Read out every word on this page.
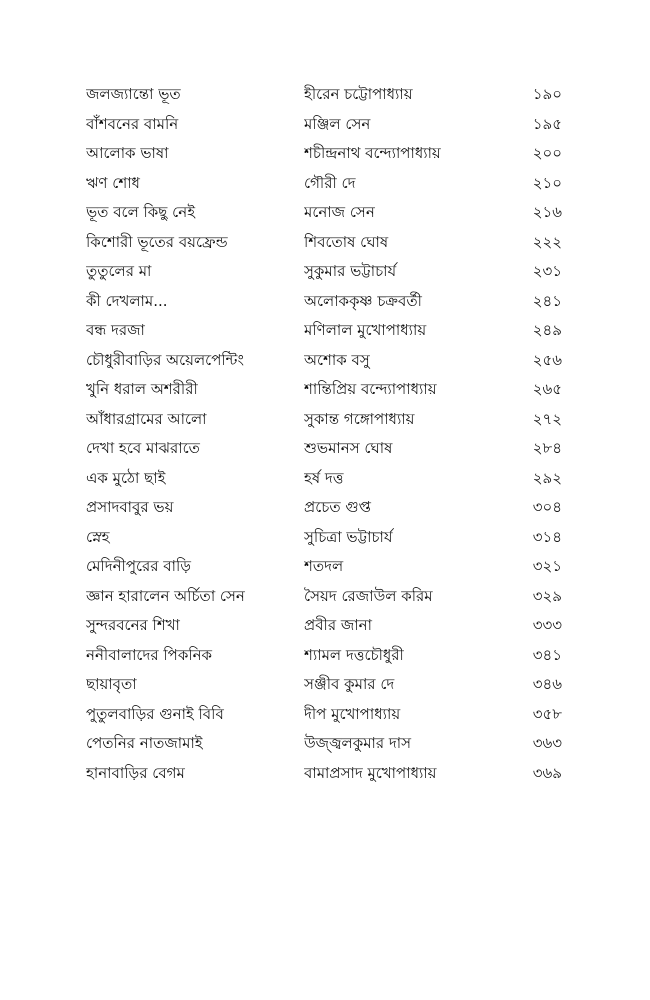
জলজ্যান্তো ভূত	হীরেন চট্টোপাধ্যায়	১৯০
বাঁশবনের বামনি	মঞ্জিল সেন	১৯৫
আলোক ভাষা	শচীন্দ্রনাথ বন্দ্যোপাধ্যায়	২০০
ঋণ শোধ	গৌরী দে	২১০
ভূত বলে কিছু নেই	মনোজ সেন	২১৬
কিশোরী ভূতের বয়ফ্রেন্ড	শিবতোষ ঘোষ	২২২
তুতুলের মা	সুকুমার ভট্টাচার্য	২৩১
কী দেখলাম...	অলোককৃষ্ণ চক্রবর্তী	২৪১
বন্ধ দরজা	মণিলাল মুখোপাধ্যায়	২৪৯
চৌধুরীবাড়ির অয়েলপেন্টিং	অশোক বসু	২৫৬
খুনি ধরাল অশরীরী	শান্তিপ্রিয় বন্দ্যোপাধ্যায়	২৬৫
আঁধারগ্রামের আলো	সুকান্ত গঙ্গোপাধ্যায়	২৭২
দেখা হবে মাঝরাতে	শুভমানস ঘোষ	২৮৪
এক মুঠো ছাই	হর্ষ দত্ত	২৯২
প্রসাদবাবুর ভয়	প্রচেত গুপ্ত	৩০৪
স্নেহ	সুচিত্রা ভট্টাচার্য	৩১৪
মেদিনীপুরের বাড়ি	শতদল	৩২১
জ্ঞান হারালেন অর্চিতা সেন	সৈয়দ রেজাউল করিম	৩২৯
সুন্দরবনের শিখা	প্রবীর জানা	৩৩৩
ননীবালাদের পিকনিক	শ্যামল দত্তচৌধুরী	৩৪১
ছায়াবৃতা	সঞ্জীব কুমার দে	৩৪৬
পুতুলবাড়ির গুনাই বিবি	দীপ মুখোপাধ্যায়	৩৫৮
পেতনির নাতজামাই	উজ্জ্বলকুমার দাস	৩৬৩
হানাবাড়ির বেগম	বামাপ্রসাদ মুখোপাধ্যায়	৩৬৯
